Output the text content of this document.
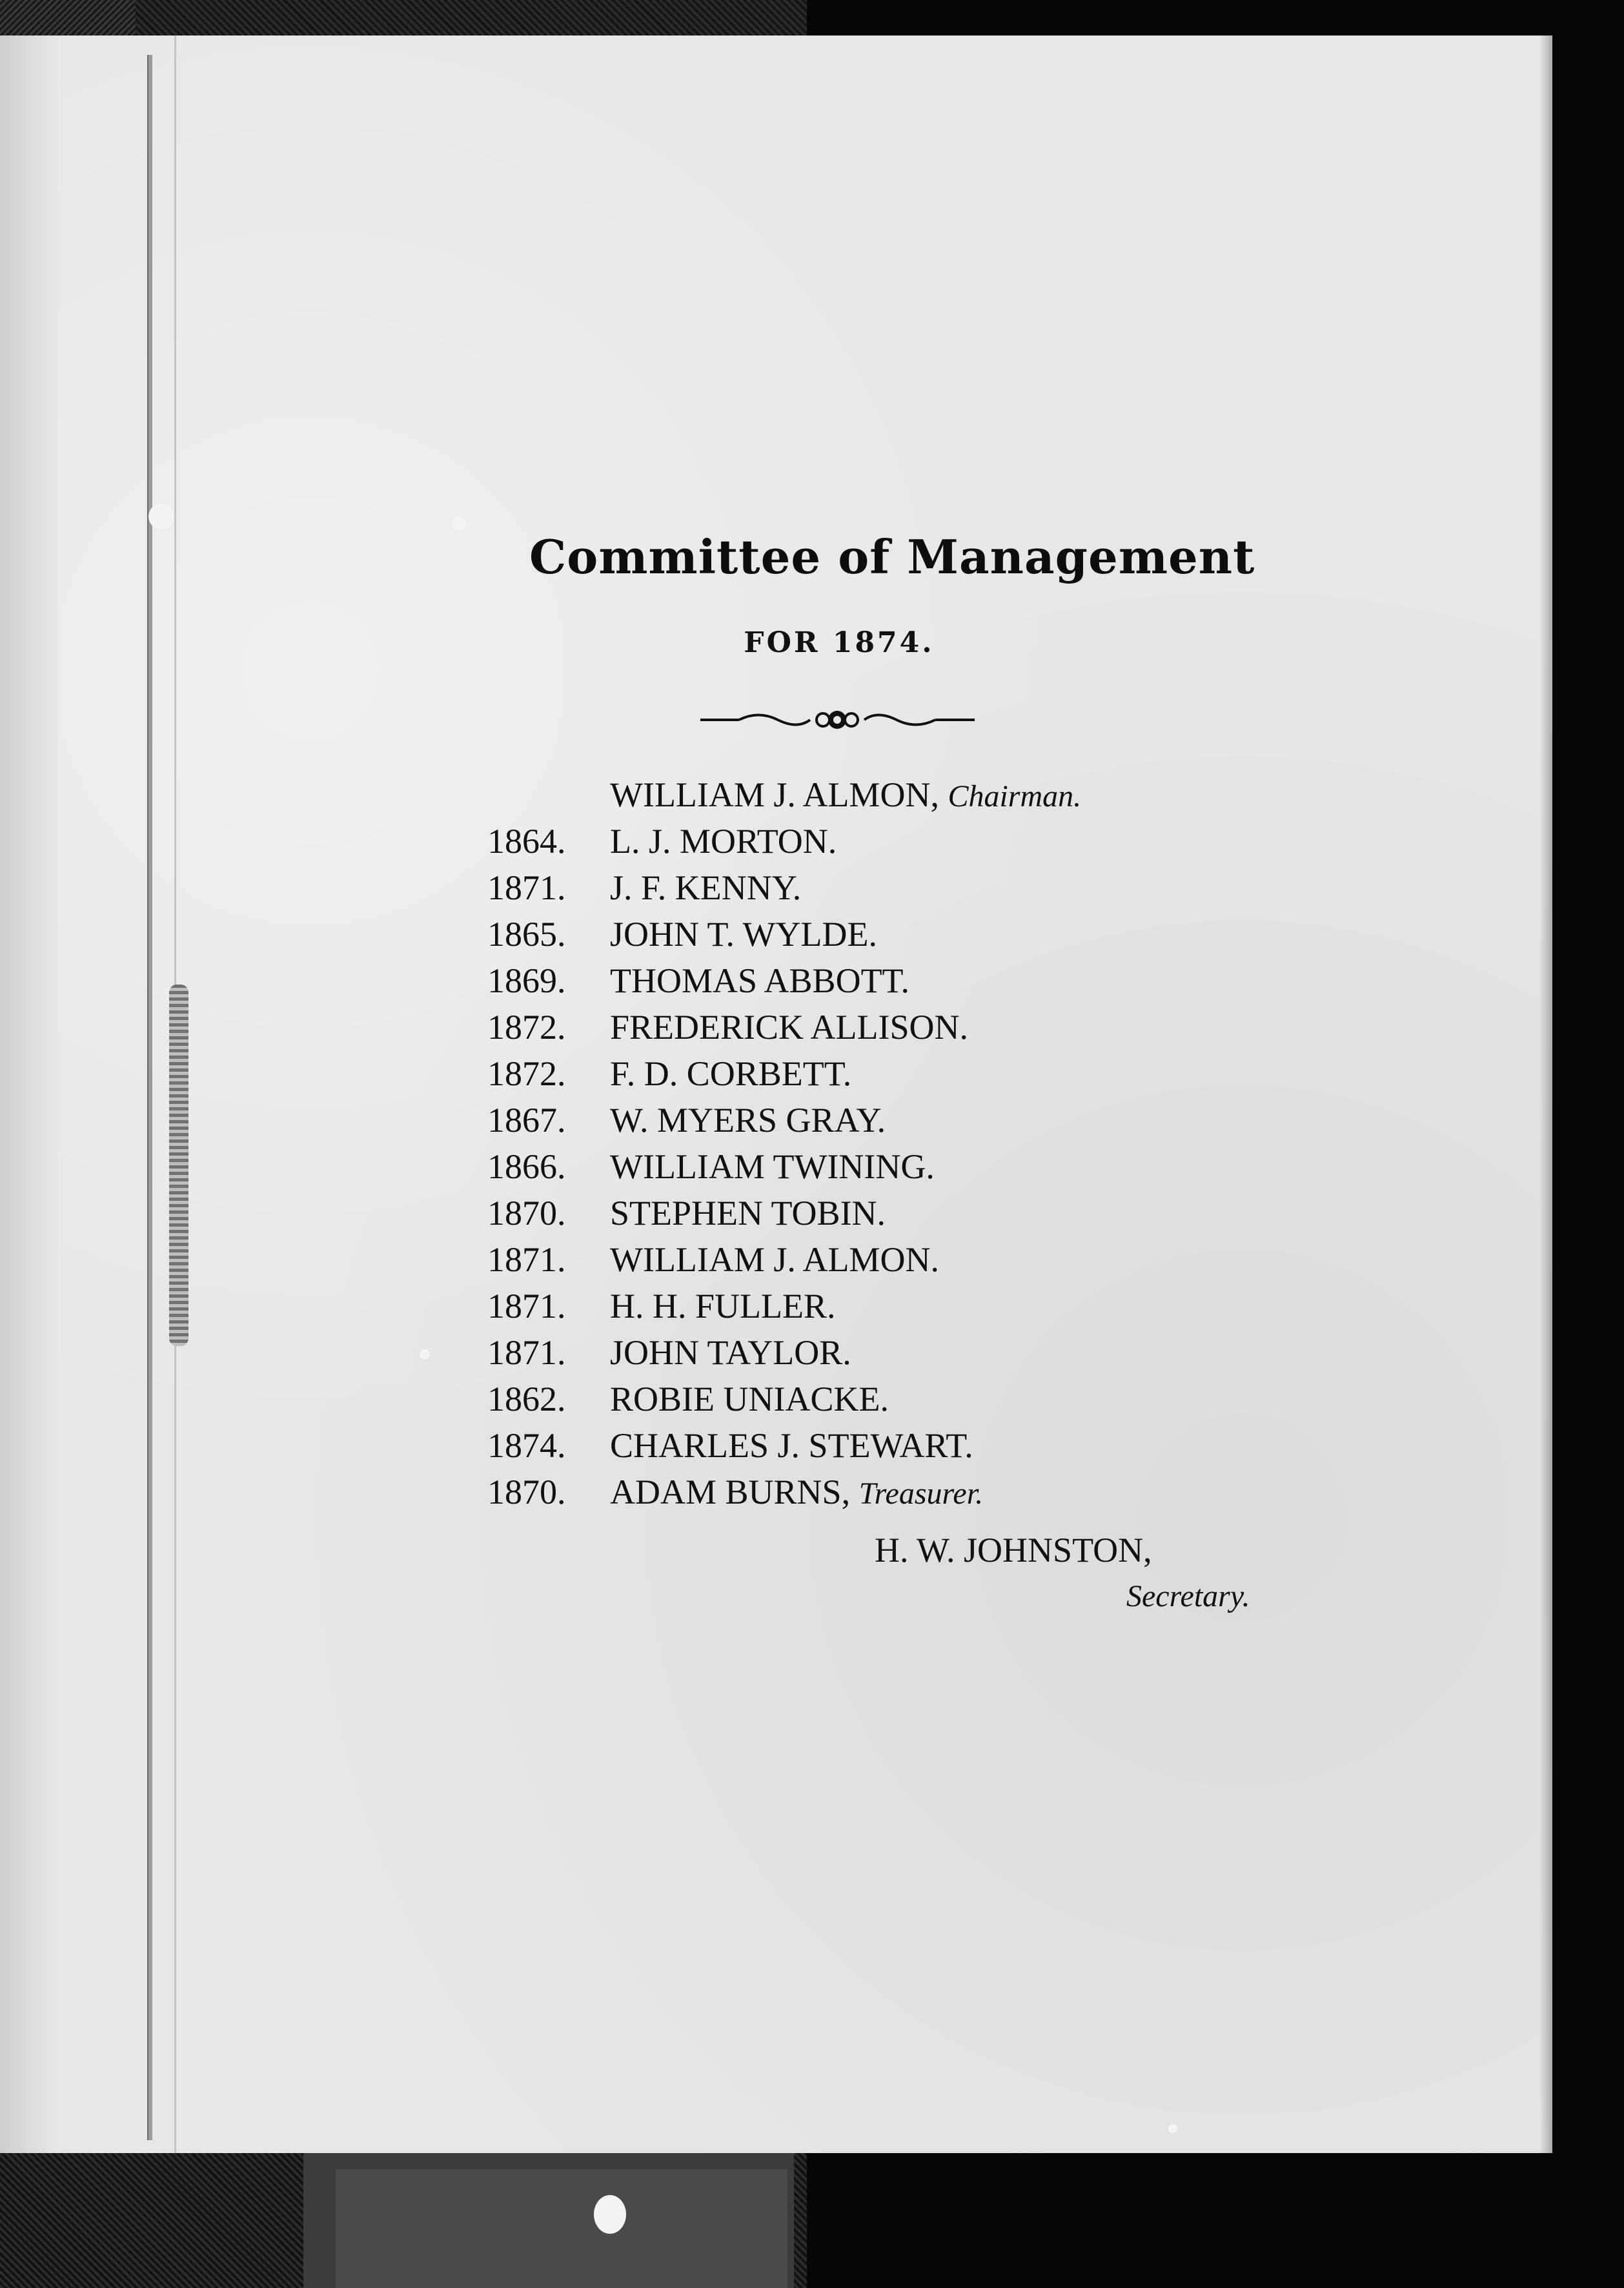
Committee of Management
FOR 1874.
WILLIAM J. ALMON, Chairman.
1864. L. J. MORTON.
1871. J. F. KENNY.
1865. JOHN T. WYLDE.
1869. THOMAS ABBOTT.
1872. FREDERICK ALLISON.
1872. F. D. CORBETT.
1867. W. MYERS GRAY.
1866. WILLIAM TWINING.
1870. STEPHEN TOBIN.
1871. WILLIAM J. ALMON.
1871. H. H. FULLER.
1871. JOHN TAYLOR.
1862. ROBIE UNIACKE.
1874. CHARLES J. STEWART.
1870. ADAM BURNS, Treasurer.
H. W. JOHNSTON,
Secretary.
